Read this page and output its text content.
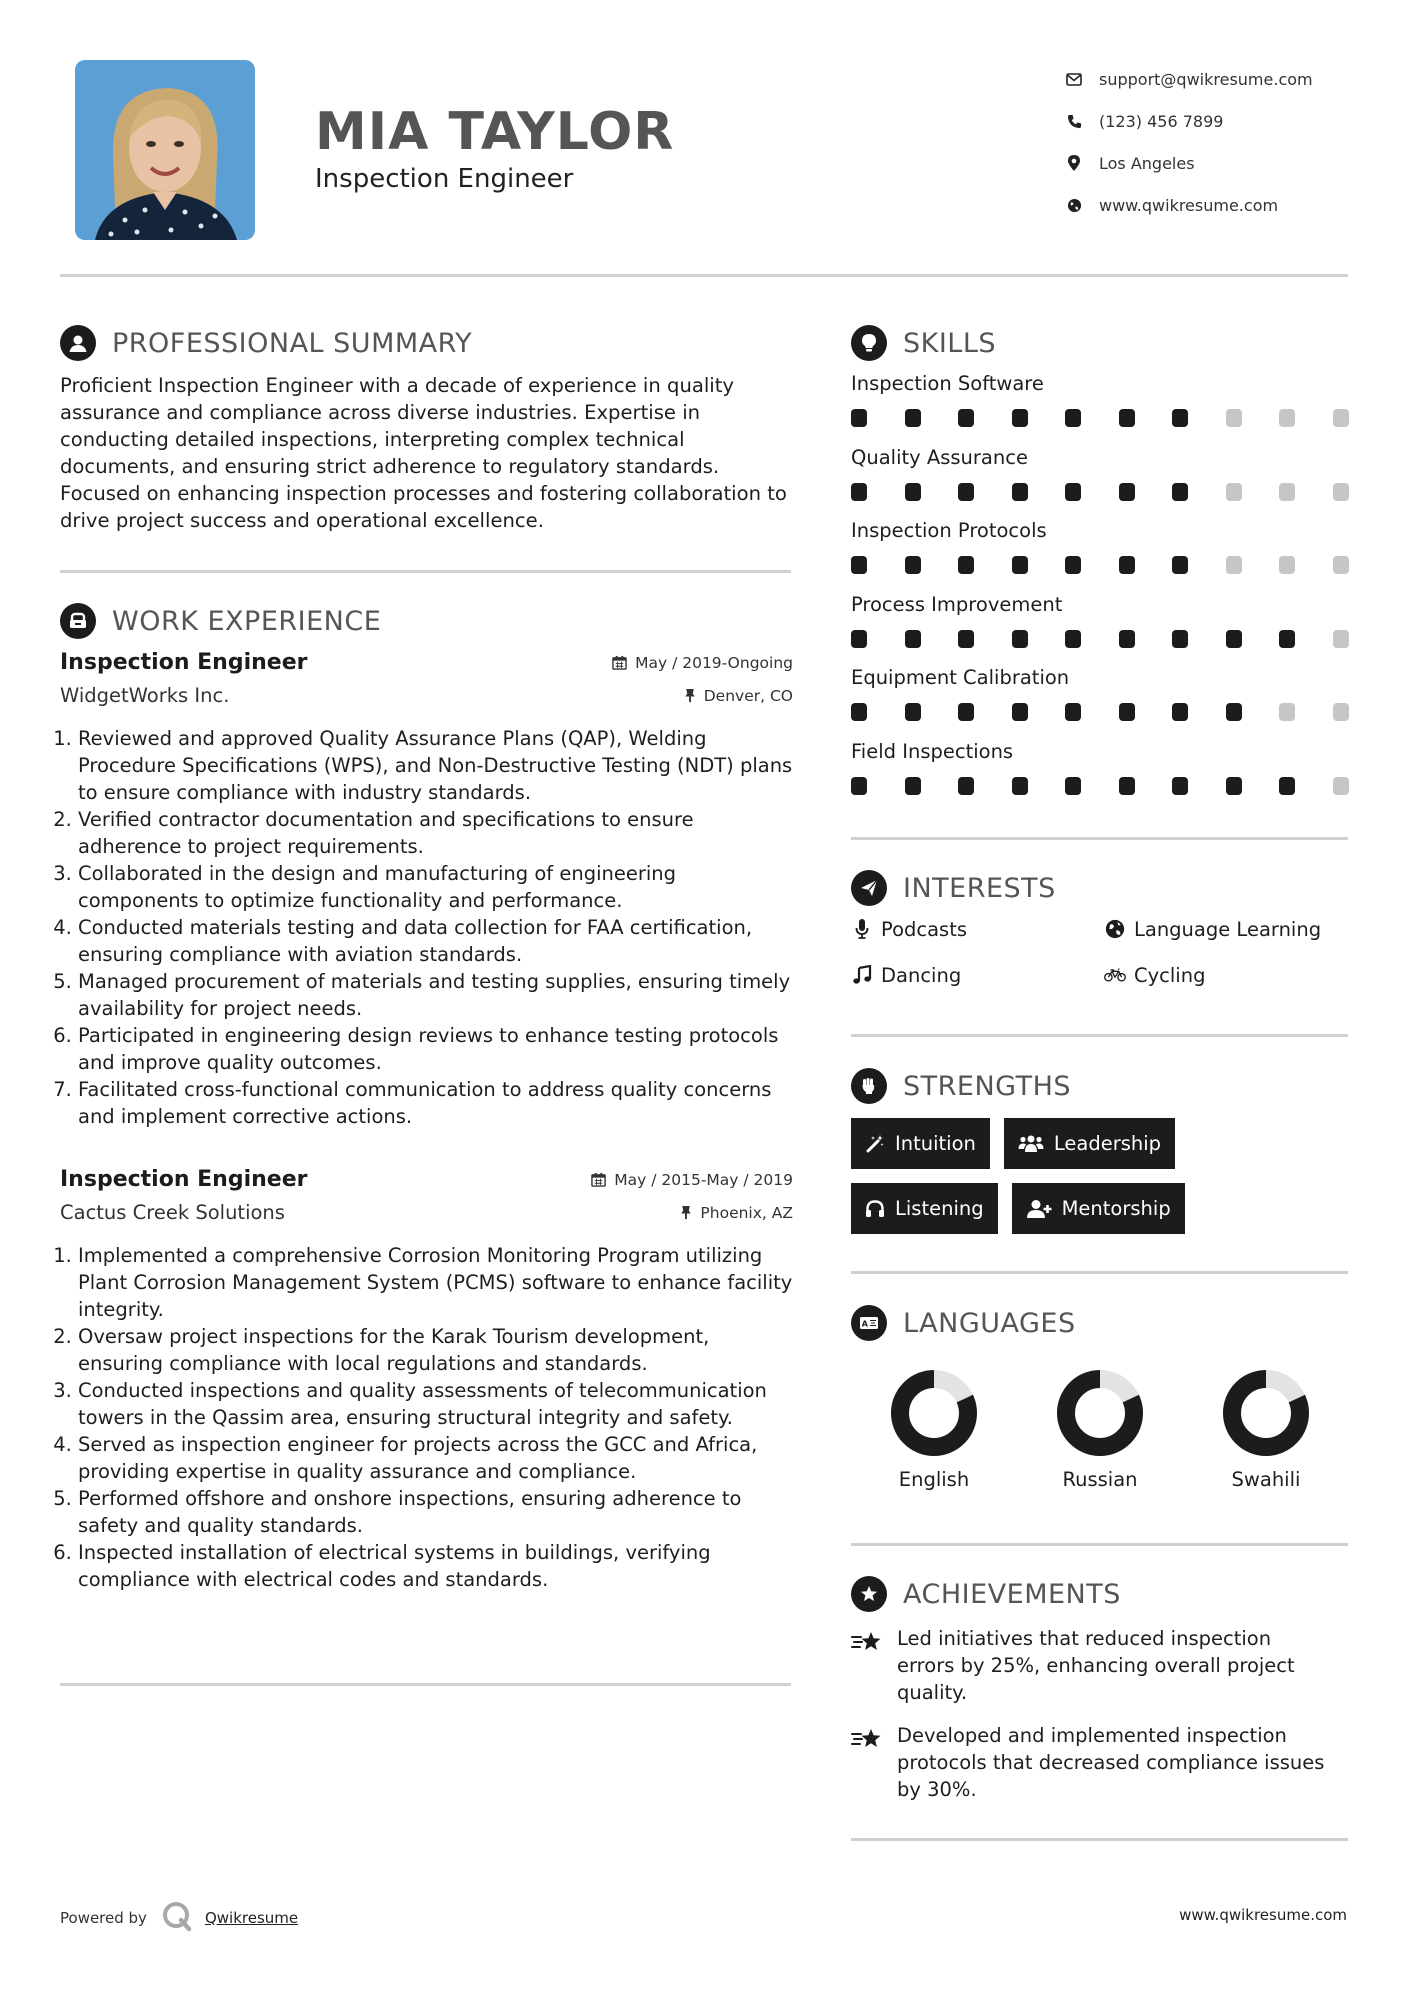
MIA TAYLOR
Inspection Engineer
support@qwikresume.com
(123) 456 7899
Los Angeles
www.qwikresume.com
PROFESSIONAL SUMMARY
Proficient Inspection Engineer with a decade of experience in quality assurance and compliance across diverse industries. Expertise in conducting detailed inspections, interpreting complex technical documents, and ensuring strict adherence to regulatory standards. Focused on enhancing inspection processes and fostering collaboration to drive project success and operational excellence.
WORK EXPERIENCE
Inspection Engineer	May / 2019-Ongoing
WidgetWorks Inc.	Denver, CO
1. Reviewed and approved Quality Assurance Plans (QAP), Welding Procedure Specifications (WPS), and Non-Destructive Testing (NDT) plans to ensure compliance with industry standards.
2. Verified contractor documentation and specifications to ensure adherence to project requirements.
3. Collaborated in the design and manufacturing of engineering components to optimize functionality and performance.
4. Conducted materials testing and data collection for FAA certification, ensuring compliance with aviation standards.
5. Managed procurement of materials and testing supplies, ensuring timely availability for project needs.
6. Participated in engineering design reviews to enhance testing protocols and improve quality outcomes.
7. Facilitated cross-functional communication to address quality concerns and implement corrective actions.
Inspection Engineer	May / 2015-May / 2019
Cactus Creek Solutions	Phoenix, AZ
1. Implemented a comprehensive Corrosion Monitoring Program utilizing Plant Corrosion Management System (PCMS) software to enhance facility integrity.
2. Oversaw project inspections for the Karak Tourism development, ensuring compliance with local regulations and standards.
3. Conducted inspections and quality assessments of telecommunication towers in the Qassim area, ensuring structural integrity and safety.
4. Served as inspection engineer for projects across the GCC and Africa, providing expertise in quality assurance and compliance.
5. Performed offshore and onshore inspections, ensuring adherence to safety and quality standards.
6. Inspected installation of electrical systems in buildings, verifying compliance with electrical codes and standards.
SKILLS
Inspection Software
Quality Assurance
Inspection Protocols
Process Improvement
Equipment Calibration
Field Inspections
INTERESTS
Podcasts	Language Learning
Dancing	Cycling
STRENGTHS
Intuition	Leadership
Listening	Mentorship
A LANGUAGES
English	Russian	Swahili
ACHIEVEMENTS
Led initiatives that reduced inspection errors by 25%, enhancing overall project quality.
Developed and implemented inspection protocols that decreased compliance issues by 30%.
Powered by	Qwikresume	www.qwikresume.com
